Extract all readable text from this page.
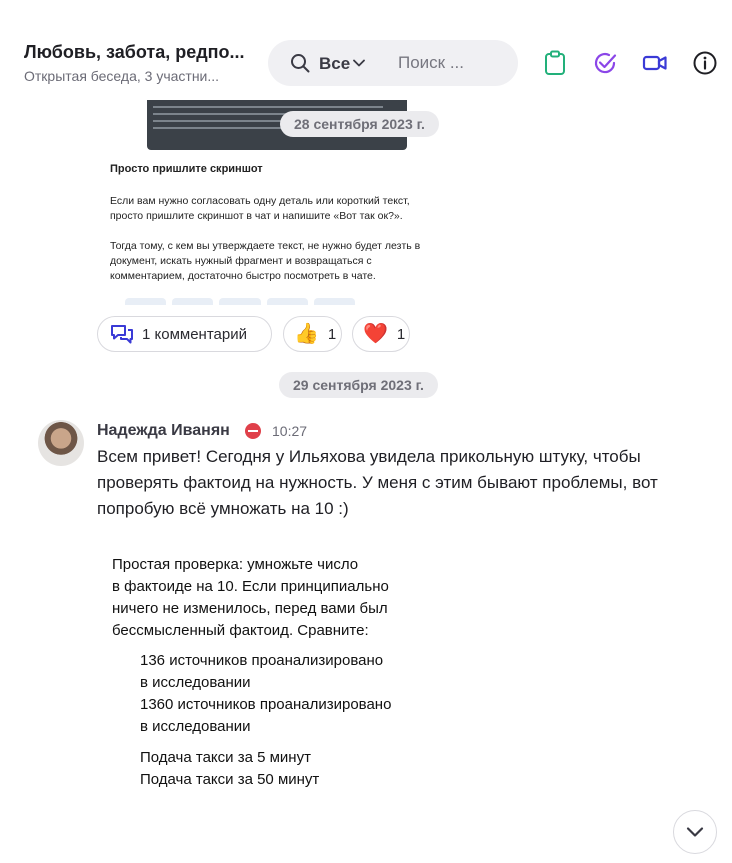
Любовь, забота, редпо...
Открытая беседа, 3 участни...
Все
Поиск ...
Просто пришлите скриншот
Если вам нужно согласовать одну деталь или короткий текст,
просто пришлите скриншот в чат и напишите «Вот так ок?».
Тогда тому, с кем вы утверждаете текст, не нужно будет лезть в
документ, искать нужный фрагмент и возвращаться с
комментарием, достаточно быстро посмотреть в чате.
28 сентября 2023 г.
1 комментарий 👍 1 ❤️ 1
29 сентября 2023 г.
Надежда Иванян	10:27
Всем привет! Сегодня у Ильяхова увидела прикольную штуку, чтобы
проверять фактоид на нужность. У меня с этим бывают проблемы, вот
попробую всё умножать на 10 :)
Простая проверка: умножьте число
в фактоиде на 10. Если принципиально
ничего не изменилось, перед вами был
бессмысленный фактоид. Сравните:
136 источников проанализировано
в исследовании
1360 источников проанализировано
в исследовании
Подача такси за 5 минут
Подача такси за 50 минут
